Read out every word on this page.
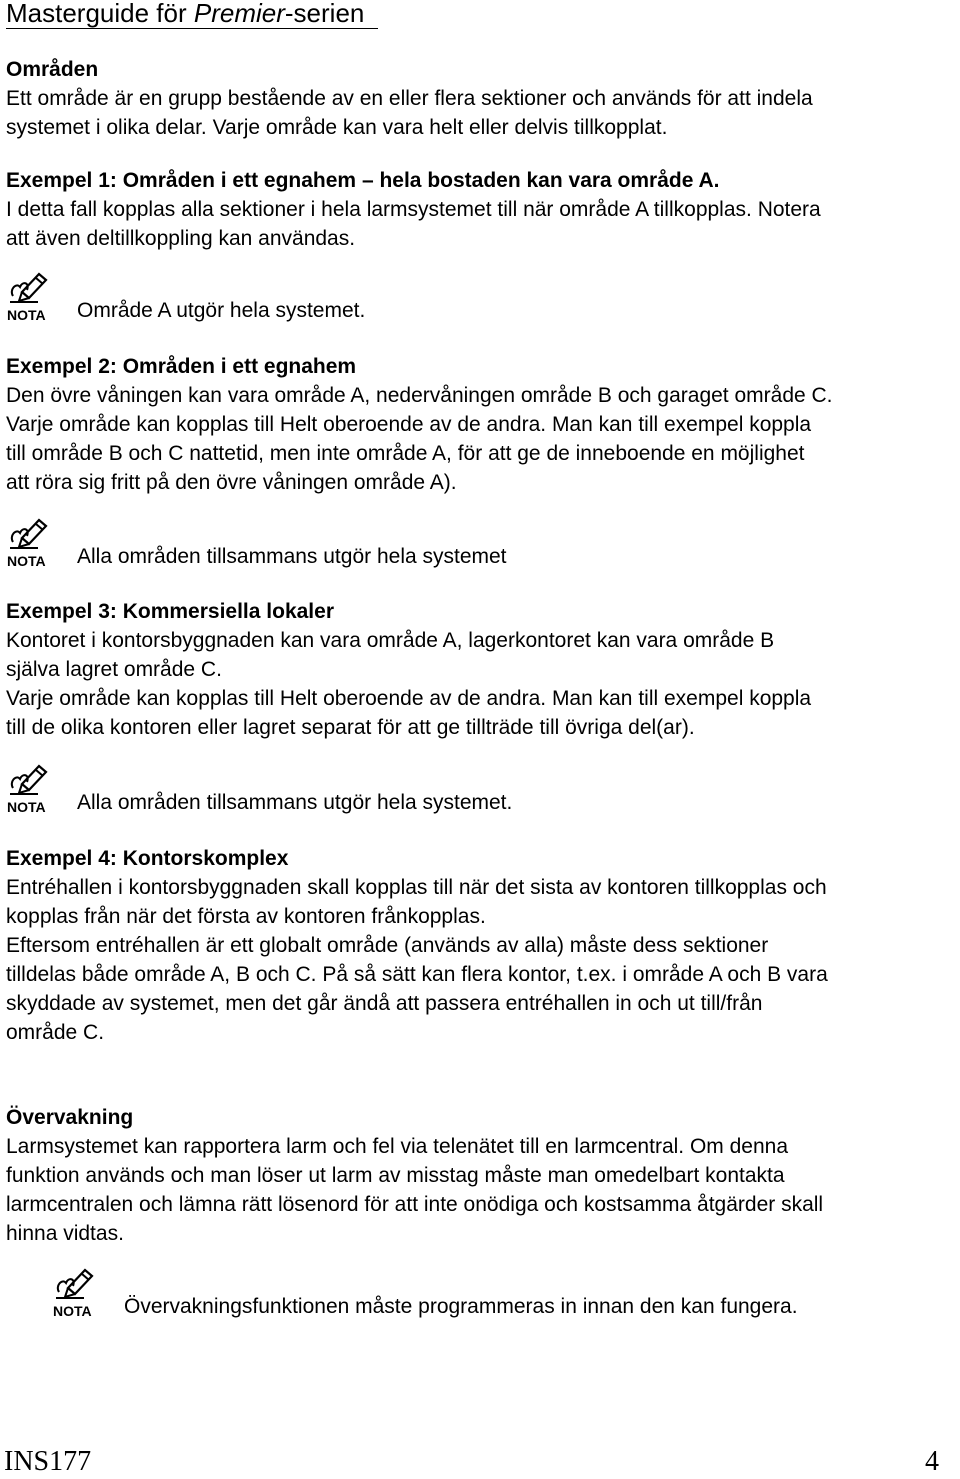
Masterguide för Premier-serien

Områden

Ett område är en grupp bestående av en eller flera sektioner och används för att indela

systemet i olika delar. Varje område kan vara helt eller delvis tillkopplat.

Exempel 1: Områden i ett egnahem – hela bostaden kan vara område A.

I detta fall kopplas alla sektioner i hela larmsystemet till när område A tillkopplas. Notera

att även deltillkoppling kan användas.

NOTA Område A utgör hela systemet.

Exempel 2: Områden i ett egnahem

Den övre våningen kan vara område A, nedervåningen område B och garaget område C.

Varje område kan kopplas till Helt oberoende av de andra. Man kan till exempel koppla

till område B och C nattetid, men inte område A, för att ge de inneboende en möjlighet

att röra sig fritt på den övre våningen område A).

NOTA Alla områden tillsammans utgör hela systemet

Exempel 3: Kommersiella lokaler

Kontoret i kontorsbyggnaden kan vara område A, lagerkontoret kan vara område B

själva lagret område C.

Varje område kan kopplas till Helt oberoende av de andra. Man kan till exempel koppla

till de olika kontoren eller lagret separat för att ge tillträde till övriga del(ar).

NOTA Alla områden tillsammans utgör hela systemet.

Exempel 4: Kontorskomplex

Entréhallen i kontorsbyggnaden skall kopplas till när det sista av kontoren tillkopplas och

kopplas från när det första av kontoren frånkopplas.

Eftersom entréhallen är ett globalt område (används av alla) måste dess sektioner

tilldelas både område A, B och C. På så sätt kan flera kontor, t.ex. i område A och B vara

skyddade av systemet, men det går ändå att passera entréhallen in och ut till/från

område C.

Övervakning

Larmsystemet kan rapportera larm och fel via telenätet till en larmcentral. Om denna

funktion används och man löser ut larm av misstag måste man omedelbart kontakta

larmcentralen och lämna rätt lösenord för att inte onödiga och kostsamma åtgärder skall

hinna vidtas.

NOTA Övervakningsfunktionen måste programmeras in innan den kan fungera.
INS177	4
